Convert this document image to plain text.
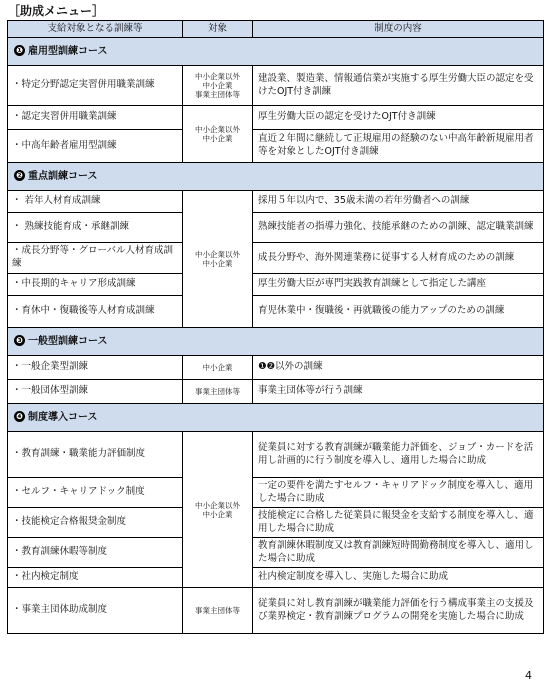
［助成メニュー］
支給対象となる訓練等	対象	制度の内容
❶ 雇用型訓練コース		
・特定分野認定実習併用職業訓練	中小企業以外
中小企業
事業主団体等	建設業、製造業、情報通信業が実施する厚生労働大臣の認定を受けたOJT付き訓練
・認定実習併用職業訓練	中小企業以外
中小企業	厚生労働大臣の認定を受けたOJT付き訓練
・中高年齢者雇用型訓練		直近２年間に継続して正規雇用の経験のない中高年齢新規雇用者等を対象としたOJT付き訓練
❷ 重点訓練コース		
・ 若年人材育成訓練	中小企業以外
中小企業	採用５年以内で、35歳未満の若年労働者への訓練
・ 熟練技能育成・承継訓練		熟練技能者の指導力強化、技能承継のための訓練、認定職業訓練
・成長分野等・グローバル人材育成訓練		成長分野や、海外関連業務に従事する人材育成のための訓練
・中長期的キャリア形成訓練		厚生労働大臣が専門実践教育訓練として指定した講座
・育休中・復職後等人材育成訓練		育児休業中・復職後・再就職後の能力アップのための訓練
❸ 一般型訓練コース		
・一般企業型訓練	中小企業	❶❷以外の訓練
・一般団体型訓練	事業主団体等	事業主団体等が行う訓練
❹ 制度導入コース		
・教育訓練・職業能力評価制度	中小企業以外
中小企業	従業員に対する教育訓練が職業能力評価を、ジョブ・カードを活用し計画的に行う制度を導入し、適用した場合に助成
・セルフ・キャリアドック制度		一定の要件を満たすセルフ・キャリアドック制度を導入し、適用した場合に助成
・技能検定合格報奨金制度		技能検定に合格した従業員に報奨金を支給する制度を導入し、適用した場合に助成
・教育訓練休暇等制度		教育訓練休暇制度又は教育訓練短時間勤務制度を導入し、適用した場合に助成
・社内検定制度		社内検定制度を導入し、実施した場合に助成
・事業主団体助成制度	事業主団体等	従業員に対し教育訓練が職業能力評価を行う構成事業主の支援及び業界検定・教育訓練プログラムの開発を実施した場合に助成
4
